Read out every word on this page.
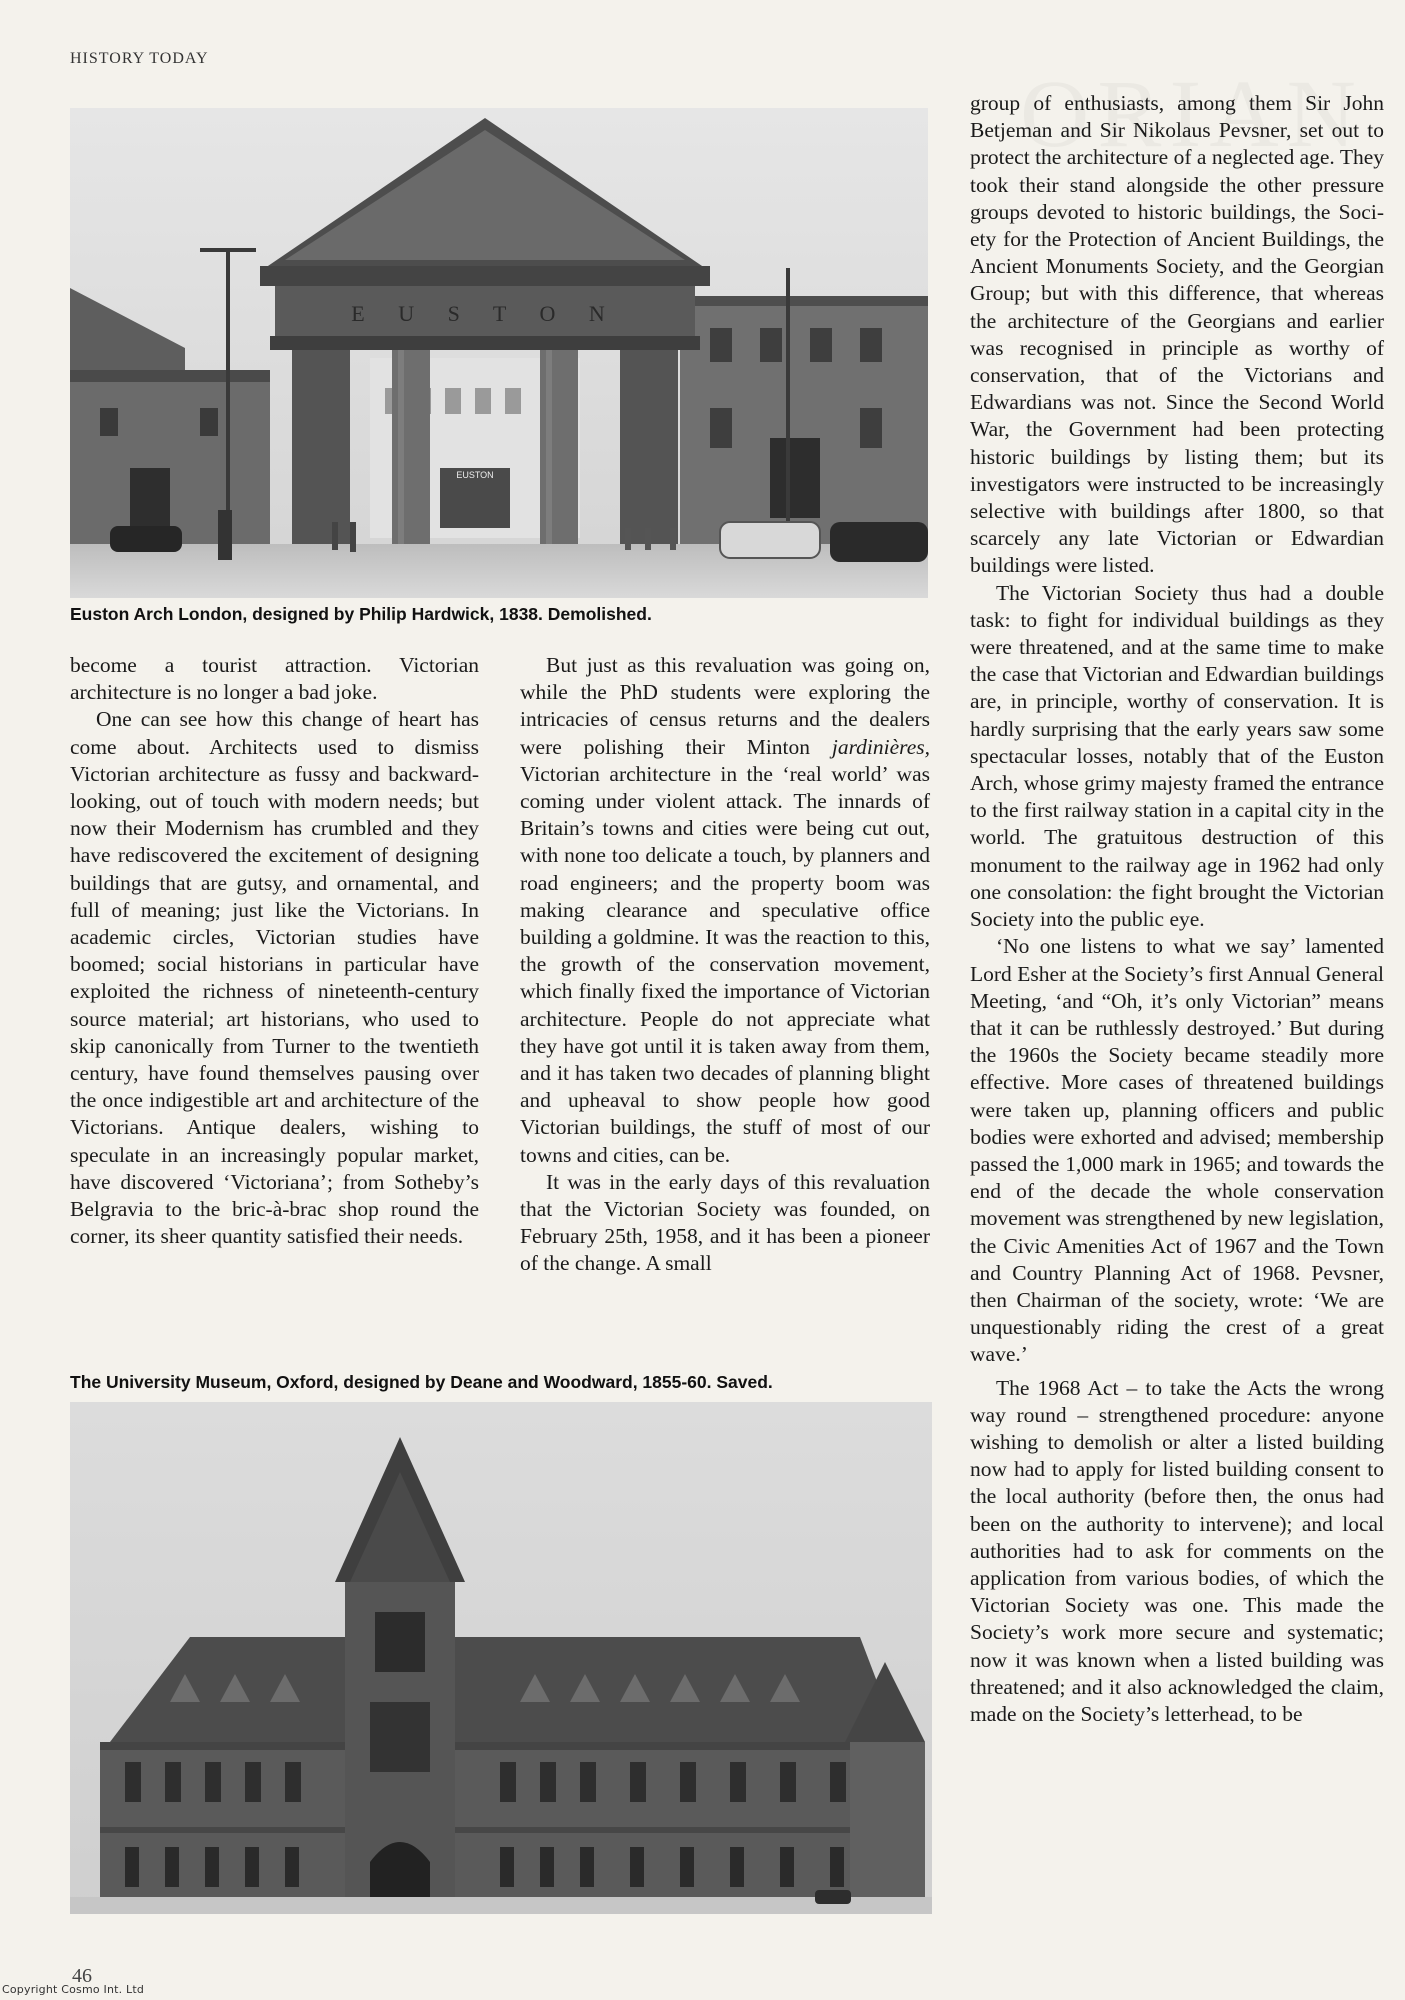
HISTORY TODAY
EUSTON
E U S T O N
Euston Arch London, designed by Philip Hardwick, 1838. Demolished.

become a tourist attraction. Victorian architecture is no longer a bad joke.

One can see how this change of heart has come about. Architects used to dismiss Victorian architecture as fussy and backward-looking, out of touch with modern needs; but now their Modernism has crumbled and they have rediscovered the excitement of designing buildings that are gutsy, and ornamental, and full of meaning; just like the Victorians. In academic circles, Victorian studies have boomed; social historians in particular have exploited the richness of nineteenth-century source material; art historians, who used to skip canonically from Turner to the twentieth century, have found themselves pausing over the once indigestible art and architecture of the Victorians. Antique dealers, wishing to speculate in an increasingly popular market, have discovered ‘Victoriana’; from Sotheby’s Belgravia to the bric-à-brac shop round the corner, its sheer quantity satisfied their needs.

But just as this revaluation was going on, while the PhD students were exploring the intricacies of census returns and the dealers were polishing their Minton jardinières, Victorian architecture in the ‘real world’ was coming under violent attack. The innards of Britain’s towns and cities were being cut out, with none too delicate a touch, by planners and road engineers; and the property boom was making clearance and speculative office building a goldmine. It was the reaction to this, the growth of the conservation movement, which finally fixed the importance of Victorian architecture. People do not appreciate what they have got until it is taken away from them, and it has taken two decades of planning blight and upheaval to show people how good Victorian buildings, the stuff of most of our towns and cities, can be.

It was in the early days of this revaluation that the Victorian Society was founded, on February 25th, 1958, and it has been a pioneer of the change. A small

The University Museum, Oxford, designed by Deane and Woodward, 1855-60. Saved.

group of enthusiasts, among them Sir John Betjeman and Sir Nikolaus Pevsner, set out to protect the architecture of a neglected age. They took their stand alongside the other pressure groups devoted to historic buildings, the Society for the Protection of Ancient Buildings, the Ancient Monuments Society, and the Georgian Group; but with this difference, that whereas the architecture of the Georgians and earlier was recognised in principle as worthy of conservation, that of the Victorians and Edwardians was not. Since the Second World War, the Government had been protecting historic buildings by listing them; but its investigators were instructed to be increasingly selective with buildings after 1800, so that scarcely any late Victorian or Edwardian buildings were listed.

The Victorian Society thus had a double task: to fight for individual buildings as they were threatened, and at the same time to make the case that Victorian and Edwardian buildings are, in principle, worthy of conservation. It is hardly surprising that the early years saw some spectacular losses, notably that of the Euston Arch, whose grimy majesty framed the entrance to the first railway station in a capital city in the world. The gratuitous destruction of this monument to the railway age in 1962 had only one consolation: the fight brought the Victorian Society into the public eye.

‘No one listens to what we say’ lamented Lord Esher at the Society’s first Annual General Meeting, ‘and “Oh, it’s only Victorian” means that it can be ruthlessly destroyed.’ But during the 1960s the Society became steadily more effective. More cases of threatened buildings were taken up, planning officers and public bodies were exhorted and advised; membership passed the 1,000 mark in 1965; and towards the end of the decade the whole conservation movement was strengthened by new legislation, the Civic Amenities Act of 1967 and the Town and Country Planning Act of 1968. Pevsner, then Chairman of the society, wrote: ‘We are unquestionably riding the crest of a great wave.’

The 1968 Act – to take the Acts the wrong way round – strengthened procedure: anyone wishing to demolish or alter a listed building now had to apply for listed building consent to the local authority (before then, the onus had been on the authority to intervene); and local authorities had to ask for comments on the application from various bodies, of which the Victorian Society was one. This made the Society’s work more secure and systematic; now it was known when a listed building was threatened; and it also acknowledged the claim, made on the Society’s letterhead, to be

46
Copyright Cosmo Int. Ltd
